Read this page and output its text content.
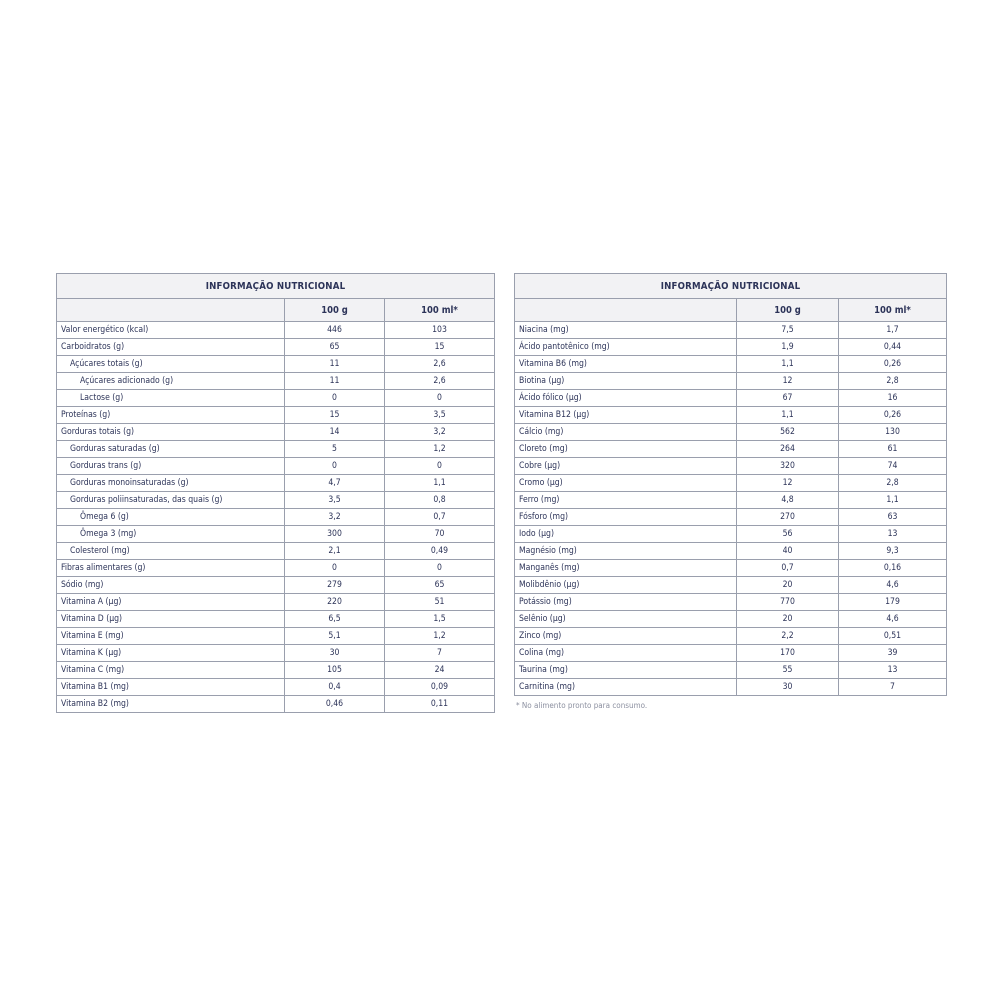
INFORMAÇÃO NUTRICIONAL		
	100 g	100 ml*
Valor energético (kcal)	446	103
Carboidratos (g)	65	15
Açúcares totais (g)	11	2,6
Açúcares adicionado (g)	11	2,6
Lactose (g)	0	0
Proteínas (g)	15	3,5
Gorduras totais (g)	14	3,2
Gorduras saturadas (g)	5	1,2
Gorduras trans (g)	0	0
Gorduras monoinsaturadas (g)	4,7	1,1
Gorduras poliinsaturadas, das quais (g)	3,5	0,8
Ômega 6 (g)	3,2	0,7
Ômega 3 (mg)	300	70
Colesterol (mg)	2,1	0,49
Fibras alimentares (g)	0	0
Sódio (mg)	279	65
Vitamina A (µg)	220	51
Vitamina D (µg)	6,5	1,5
Vitamina E (mg)	5,1	1,2
Vitamina K (µg)	30	7
Vitamina C (mg)	105	24
Vitamina B1 (mg)	0,4	0,09
Vitamina B2 (mg)	0,46	0,11
INFORMAÇÃO NUTRICIONAL		
	100 g	100 ml*
Niacina (mg)	7,5	1,7
Ácido pantotênico (mg)	1,9	0,44
Vitamina B6 (mg)	1,1	0,26
Biotina (µg)	12	2,8
Ácido fólico (µg)	67	16
Vitamina B12 (µg)	1,1	0,26
Cálcio (mg)	562	130
Cloreto (mg)	264	61
Cobre (µg)	320	74
Cromo (µg)	12	2,8
Ferro (mg)	4,8	1,1
Fósforo (mg)	270	63
Iodo (µg)	56	13
Magnésio (mg)	40	9,3
Manganês (mg)	0,7	0,16
Molibdênio (µg)	20	4,6
Potássio (mg)	770	179
Selênio (µg)	20	4,6
Zinco (mg)	2,2	0,51
Colina (mg)	170	39
Taurina (mg)	55	13
Carnitina (mg)	30	7
* No alimento pronto para consumo.
